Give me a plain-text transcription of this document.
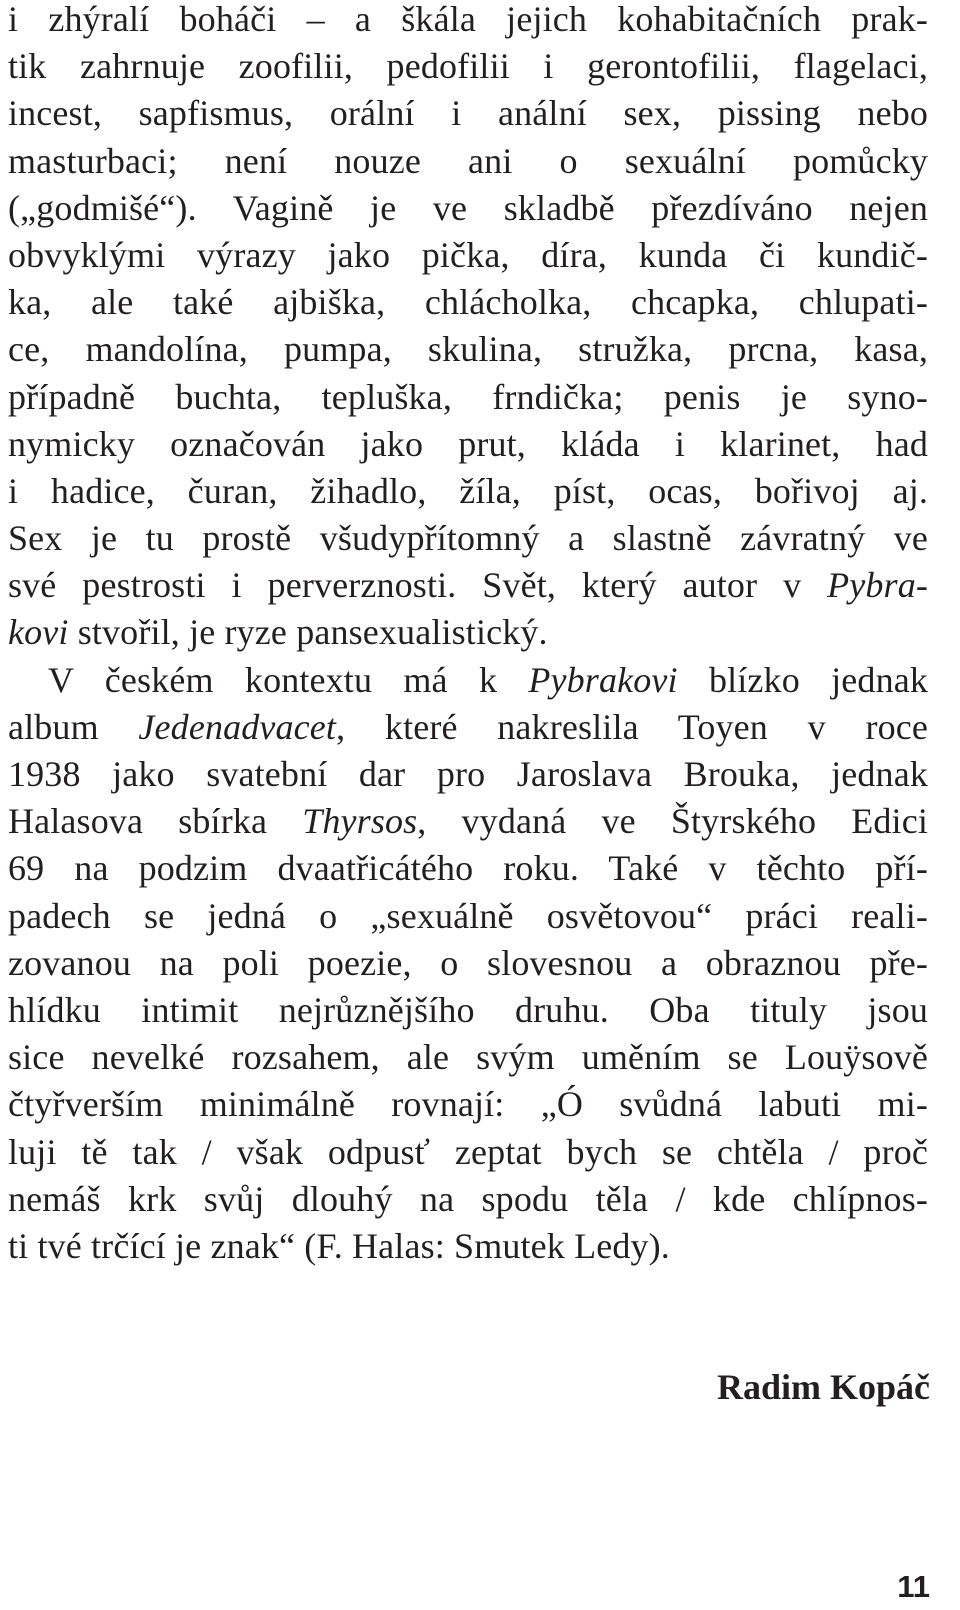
i zhýralí boháči – a škála jejich kohabitačních prak-
tik zahrnuje zoofilii, pedofilii i gerontofilii, flagelaci,
incest, sapfismus, orální i anální sex, pissing nebo
masturbaci; není nouze ani o sexuální pomůcky
(„godmišé“). Vagině je ve skladbě přezdíváno nejen
obvyklými výrazy jako pička, díra, kunda či kundič-
ka, ale také ajbiška, chlácholka, chcapka, chlupati-
ce, mandolína, pumpa, skulina, stružka, prcna, kasa,
případně buchta, tepluška, frndička; penis je syno-
nymicky označován jako prut, kláda i klarinet, had
i hadice, čuran, žihadlo, žíla, píst, ocas, bořivoj aj.
Sex je tu prostě všudypřítomný a slastně závratný ve
své pestrosti i perverznosti. Svět, který autor v Pybra-
kovi stvořil, je ryze pansexualistický.
V českém kontextu má k Pybrakovi blízko jednak
album Jedenadvacet, které nakreslila Toyen v roce
1938 jako svatební dar pro Jaroslava Brouka, jednak
Halasova sbírka Thyrsos, vydaná ve Štyrského Edici
69 na podzim dvaatřicátého roku. Také v těchto pří-
padech se jedná o „sexuálně osvětovou“ práci reali-
zovanou na poli poezie, o slovesnou a obraznou pře-
hlídku intimit nejrůznějšího druhu. Oba tituly jsou
sice nevelké rozsahem, ale svým uměním se Louÿsově
čtyřverším minimálně rovnají: „Ó svůdná labuti mi-
luji tě tak / však odpusť zeptat bych se chtěla / proč
nemáš krk svůj dlouhý na spodu těla / kde chlípnos-
ti tvé trčící je znak“ (F. Halas: Smutek Ledy).
Radim Kopáč
11
